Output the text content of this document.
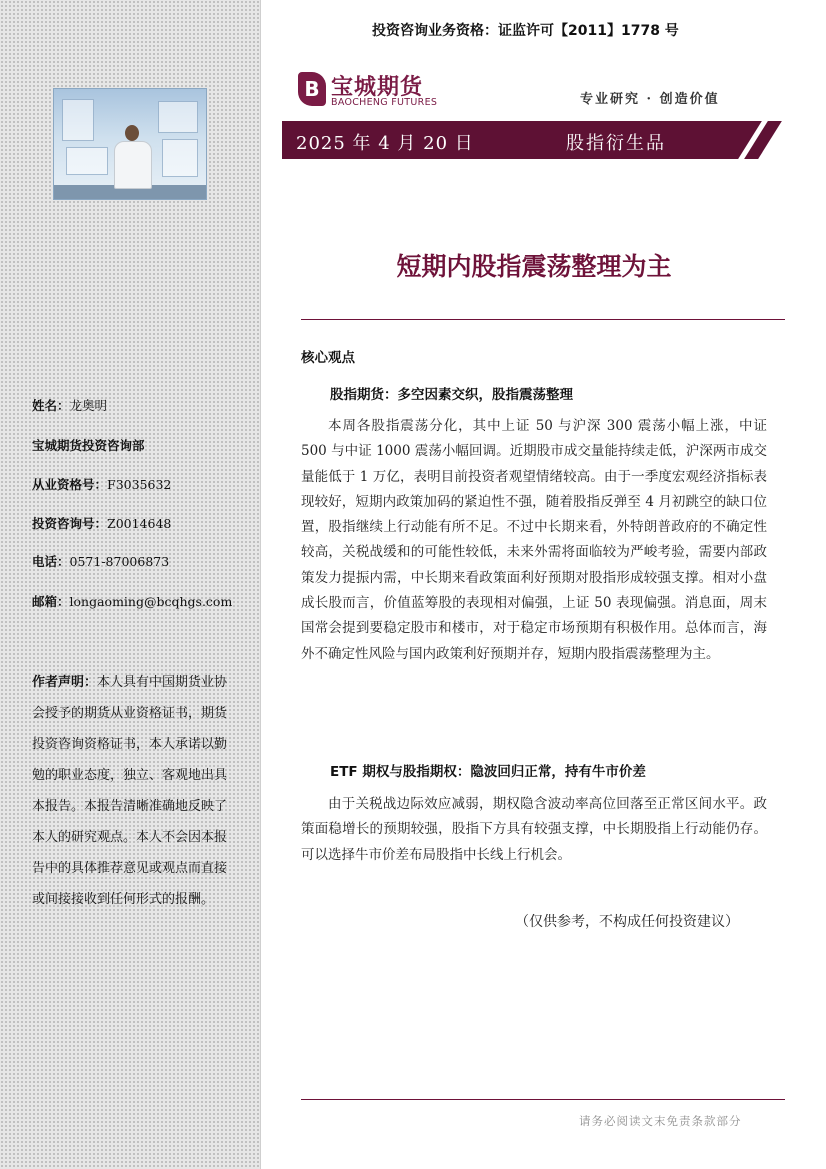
姓名：龙奥明
宝城期货投资咨询部
从业资格号：F3035632
投资咨询号：Z0014648
电话：0571-87006873
邮箱：longaoming@bcqhgs.com
作者声明：本人具有中国期货业协会授予的期货从业资格证书，期货投资咨询资格证书，本人承诺以勤勉的职业态度，独立、客观地出具本报告。本报告清晰准确地反映了本人的研究观点。本人不会因本报告中的具体推荐意见或观点而直接或间接接收到任何形式的报酬。
投资咨询业务资格：证监许可【2011】1778 号
B 宝城期货
BAOCHENG FUTURES	专业研究 · 创造价值
2025 年 4 月 20 日	股指衍生品
短期内股指震荡整理为主
核心观点
股指期货：多空因素交织，股指震荡整理
本周各股指震荡分化，其中上证 50 与沪深 300 震荡小幅上涨，中证 500 与中证 1000 震荡小幅回调。近期股市成交量能持续走低，沪深两市成交量能低于 1 万亿，表明目前投资者观望情绪较高。由于一季度宏观经济指标表现较好，短期内政策加码的紧迫性不强，随着股指反弹至 4 月初跳空的缺口位置，股指继续上行动能有所不足。不过中长期来看，外特朗普政府的不确定性较高，关税战缓和的可能性较低，未来外需将面临较为严峻考验，需要内部政策发力提振内需，中长期来看政策面利好预期对股指形成较强支撑。相对小盘成长股而言，价值蓝筹股的表现相对偏强，上证 50 表现偏强。消息面，周末国常会提到要稳定股市和楼市，对于稳定市场预期有积极作用。总体而言，海外不确定性风险与国内政策利好预期并存，短期内股指震荡整理为主。
ETF 期权与股指期权：隐波回归正常，持有牛市价差
由于关税战边际效应减弱，期权隐含波动率高位回落至正常区间水平。政策面稳增长的预期较强，股指下方具有较强支撑，中长期股指上行动能仍存。可以选择牛市价差布局股指中长线上行机会。
（仅供参考，不构成任何投资建议）
请务必阅读文末免责条款部分
